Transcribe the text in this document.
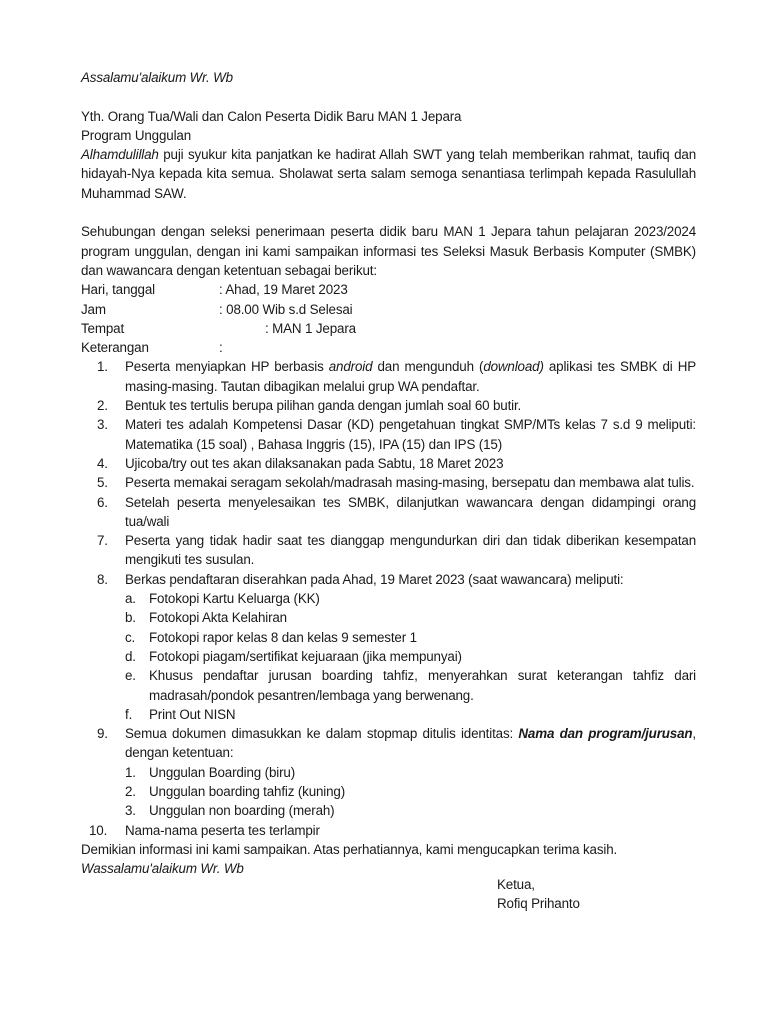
Assalamu'alaikum Wr. Wb

Yth. Orang Tua/Wali dan Calon Peserta Didik Baru MAN 1 Jepara

Program Unggulan

Alhamdulillah puji syukur kita panjatkan ke hadirat Allah SWT yang telah memberikan rahmat, taufiq dan hidayah-Nya kepada kita semua. Sholawat serta salam semoga senantiasa terlimpah kepada Rasulullah Muhammad SAW.

Sehubungan dengan seleksi penerimaan peserta didik baru MAN 1 Jepara tahun pelajaran 2023/2024 program unggulan, dengan ini kami sampaikan informasi tes Seleksi Masuk Berbasis Komputer (SMBK) dan wawancara dengan ketentuan sebagai berikut:

Hari, tanggal	: Ahad, 19 Maret 2023
Jam	: 08.00 Wib s.d Selesai
Tempat	: MAN 1 Jepara
Keterangan	:
1. Peserta menyiapkan HP berbasis android dan mengunduh (download) aplikasi tes SMBK di HP masing-masing. Tautan dibagikan melalui grup WA pendaftar.
2. Bentuk tes tertulis berupa pilihan ganda dengan jumlah soal 60 butir.
3. Materi tes adalah Kompetensi Dasar (KD) pengetahuan tingkat SMP/MTs kelas 7 s.d 9 meliputi: Matematika (15 soal) , Bahasa Inggris (15), IPA (15) dan IPS (15)
4. Ujicoba/try out tes akan dilaksanakan pada Sabtu, 18 Maret 2023
5. Peserta memakai seragam sekolah/madrasah masing-masing, bersepatu dan membawa alat tulis.
6. Setelah peserta menyelesaikan tes SMBK, dilanjutkan wawancara dengan didampingi orang tua/wali
7. Peserta yang tidak hadir saat tes dianggap mengundurkan diri dan tidak diberikan kesempatan mengikuti tes susulan.
8. Berkas pendaftaran diserahkan pada Ahad, 19 Maret 2023 (saat wawancara) meliputi:
a. Fotokopi Kartu Keluarga (KK)
b. Fotokopi Akta Kelahiran
c. Fotokopi rapor kelas 8 dan kelas 9 semester 1
d. Fotokopi piagam/sertifikat kejuaraan (jika mempunyai)
e. Khusus pendaftar jurusan boarding tahfiz, menyerahkan surat keterangan tahfiz dari madrasah/pondok pesantren/lembaga yang berwenang.
f. Print Out NISN
9. Semua dokumen dimasukkan ke dalam stopmap ditulis identitas: Nama dan program/jurusan, dengan ketentuan:
1. Unggulan Boarding (biru)
2. Unggulan boarding tahfiz (kuning)
3. Unggulan non boarding (merah)
10. Nama-nama peserta tes terlampir

Demikian informasi ini kami sampaikan. Atas perhatiannya, kami mengucapkan terima kasih.

Wassalamu'alaikum Wr. Wb

Ketua,

Rofiq Prihanto
